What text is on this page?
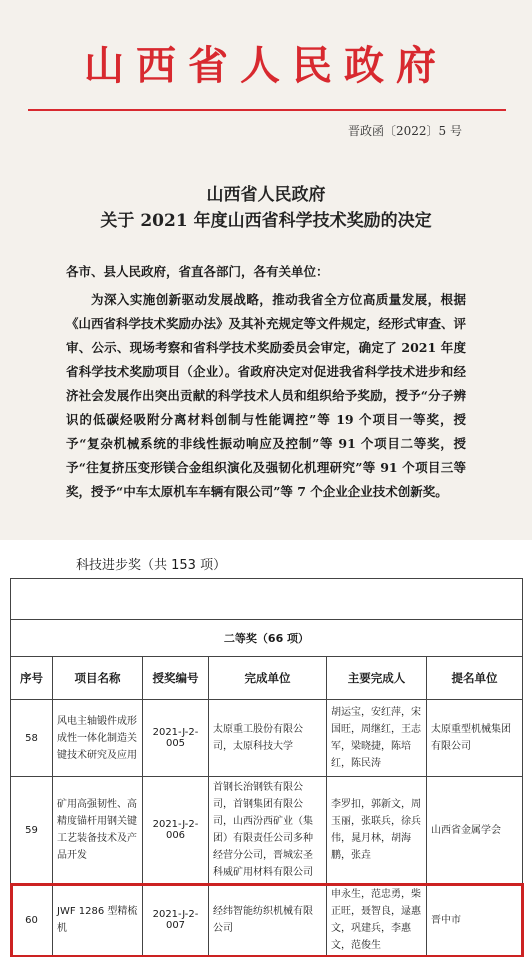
山西省人民政府
晋政函〔2022〕5 号
山西省人民政府
关于 2021 年度山西省科学技术奖励的决定
各市、县人民政府，省直各部门，各有关单位：
为深入实施创新驱动发展战略，推动我省全方位高质量发展，根据《山西省科学技术奖励办法》及其补充规定等文件规定，经形式审查、评审、公示、现场考察和省科学技术奖励委员会审定，确定了 2021 年度省科学技术奖励项目（企业）。省政府决定对促进我省科学技术进步和经济社会发展作出突出贡献的科学技术人员和组织给予奖励，授予“分子辨识的低碳烃吸附分离材料创制与性能调控”等 19 个项目一等奖，授予“复杂机械系统的非线性振动响应及控制”等 91 个项目二等奖，授予“往复挤压变形镁合金组织演化及强韧化机理研究”等 91 个项目三等奖，授予“中车太原机车车辆有限公司”等 7 个企业企业技术创新奖。
科技进步奖（共 153 项）

二等奖（66 项）					
序号	项目名称	授奖编号	完成单位	主要完成人	提名单位
58	风电主轴锻件成形成性一体化制造关键技术研究及应用	2021-J-2-005	太原重工股份有限公司，太原科技大学	胡运宝，安红萍，宋国旺，周继红，王志军，梁晓捷，陈培红，陈民涛	太原重型机械集团有限公司
59	矿用高强韧性、高精度锚杆用钢关键工艺装备技术及产品开发	2021-J-2-006	首钢长治钢铁有限公司，首钢集团有限公司，山西汾西矿业（集团）有限责任公司多种经营分公司，晋城宏圣科威矿用材料有限公司	李罗扣，郭新文，周玉丽，张联兵，徐兵伟，晁月林，胡海鹏，张垚	山西省金属学会
60	JWF 1286 型精梳机	2021-J-2-007	经纬智能纺织机械有限公司	申永生，范忠勇，柴正旺，聂智良，逯惠文，巩建兵，李惠文，范俊生	晋中市
